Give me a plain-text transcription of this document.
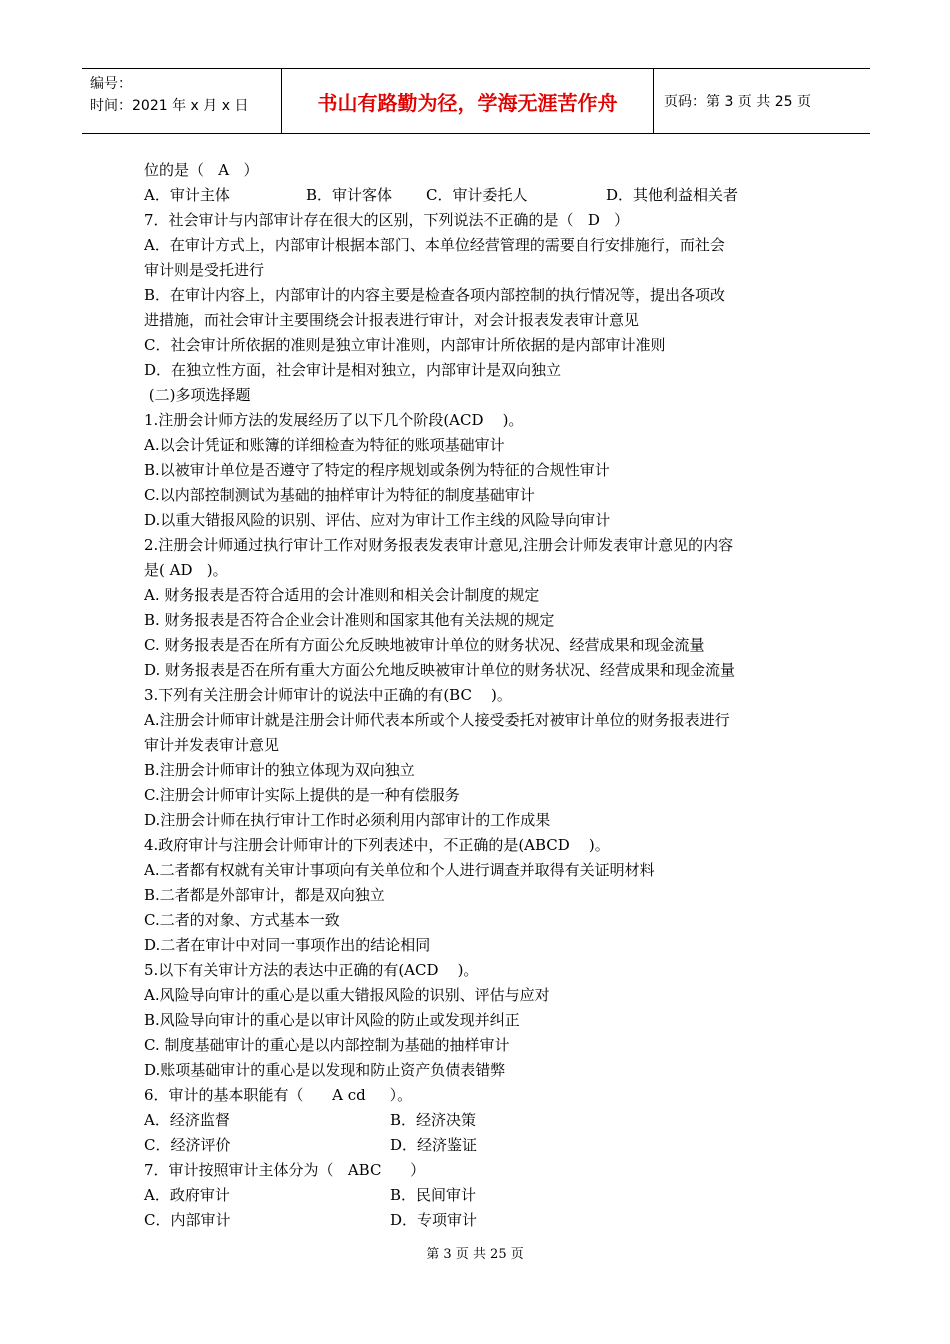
编号：
时间：2021 年 x 月 x 日	书山有路勤为径，学海无涯苦作舟	页码：第 3 页 共 25 页
位的是（   A   ）
A．审计主体	B．审计客体	C．审计委托人	D．其他利益相关者
7．社会审计与内部审计存在很大的区别，下列说法不正确的是（   D   ）
A．在审计方式上，内部审计根据本部门、本单位经营管理的需要自行安排施行，而社会
审计则是受托进行
B．在审计内容上，内部审计的内容主要是检查各项内部控制的执行情况等，提出各项改
进措施，而社会审计主要围绕会计报表进行审计，对会计报表发表审计意见
C．社会审计所依据的准则是独立审计准则，内部审计所依据的是内部审计准则
D．在独立性方面，社会审计是相对独立，内部审计是双向独立
(二)多项选择题
1.注册会计师方法的发展经历了以下几个阶段(ACD    )。
A.以会计凭证和账簿的详细检查为特征的账项基础审计
B.以被审计单位是否遵守了特定的程序规划或条例为特征的合规性审计
C.以内部控制测试为基础的抽样审计为特征的制度基础审计
D.以重大错报风险的识别、评估、应对为审计工作主线的风险导向审计
2.注册会计师通过执行审计工作对财务报表发表审计意见,注册会计师发表审计意见的内容
是( AD   )。
A. 财务报表是否符合适用的会计准则和相关会计制度的规定
B. 财务报表是否符合企业会计准则和国家其他有关法规的规定
C. 财务报表是否在所有方面公允反映地被审计单位的财务状况、经营成果和现金流量
D. 财务报表是否在所有重大方面公允地反映被审计单位的财务状况、经营成果和现金流量
3.下列有关注册会计师审计的说法中正确的有(BC    )。
A.注册会计师审计就是注册会计师代表本所或个人接受委托对被审计单位的财务报表进行
审计并发表审计意见
B.注册会计师审计的独立体现为双向独立
C.注册会计师审计实际上提供的是一种有偿服务
D.注册会计师在执行审计工作时必须利用内部审计的工作成果
4.政府审计与注册会计师审计的下列表述中，不正确的是(ABCD    )。
A.二者都有权就有关审计事项向有关单位和个人进行调查并取得有关证明材料
B.二者都是外部审计，都是双向独立
C.二者的对象、方式基本一致
D.二者在审计中对同一事项作出的结论相同
5.以下有关审计方法的表达中正确的有(ACD    )。
A.风险导向审计的重心是以重大错报风险的识别、评估与应对
B.风险导向审计的重心是以审计风险的防止或发现并纠正
C. 制度基础审计的重心是以内部控制为基础的抽样审计
D.账项基础审计的重心是以发现和防止资产负债表错弊
6．审计的基本职能有（      A cd     ）。
A．经济监督	B．经济决策
C．经济评价	D．经济鉴证
7．审计按照审计主体分为（   ABC      ）
A．政府审计	B．民间审计
C．内部审计	D．专项审计
第 3 页 共 25 页
